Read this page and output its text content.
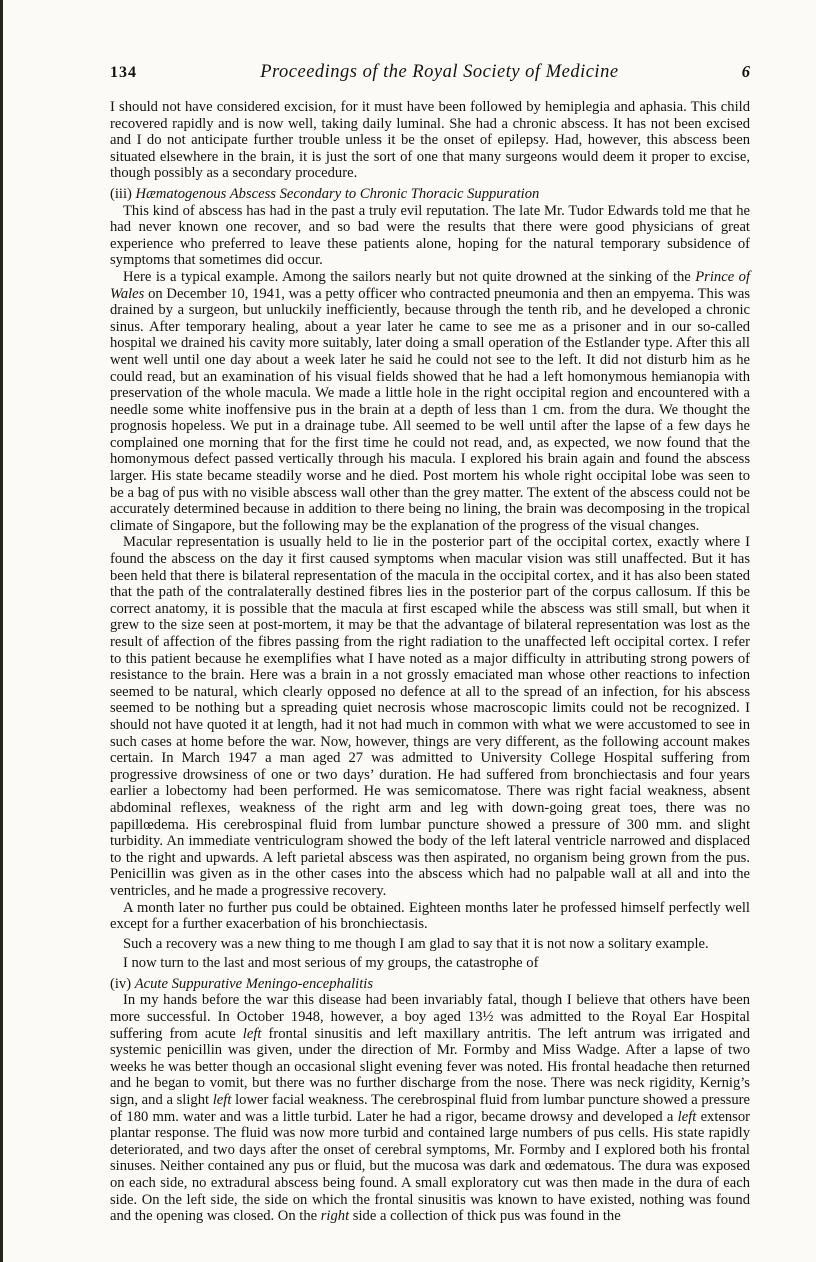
134	Proceedings of the Royal Society of Medicine	6

I should not have considered excision, for it must have been followed by hemiplegia and aphasia. This child recovered rapidly and is now well, taking daily luminal. She had a chronic abscess. It has not been excised and I do not anticipate further trouble unless it be the onset of epilepsy. Had, however, this abscess been situated elsewhere in the brain, it is just the sort of one that many surgeons would deem it proper to excise, though possibly as a secondary procedure.

(iii) Hæmatogenous Abscess Secondary to Chronic Thoracic Suppuration

This kind of abscess has had in the past a truly evil reputation. The late Mr. Tudor Edwards told me that he had never known one recover, and so bad were the results that there were good physicians of great experience who preferred to leave these patients alone, hoping for the natural temporary subsidence of symptoms that sometimes did occur.

Here is a typical example. Among the sailors nearly but not quite drowned at the sinking of the Prince of Wales on December 10, 1941, was a petty officer who contracted pneumonia and then an empyema. This was drained by a surgeon, but unluckily inefficiently, because through the tenth rib, and he developed a chronic sinus. After temporary healing, about a year later he came to see me as a prisoner and in our so-called hospital we drained his cavity more suitably, later doing a small operation of the Estlander type. After this all went well until one day about a week later he said he could not see to the left. It did not disturb him as he could read, but an examination of his visual fields showed that he had a left homonymous hemianopia with preservation of the whole macula. We made a little hole in the right occipital region and encountered with a needle some white inoffensive pus in the brain at a depth of less than 1 cm. from the dura. We thought the prognosis hopeless. We put in a drainage tube. All seemed to be well until after the lapse of a few days he complained one morning that for the first time he could not read, and, as expected, we now found that the homonymous defect passed vertically through his macula. I explored his brain again and found the abscess larger. His state became steadily worse and he died. Post mortem his whole right occipital lobe was seen to be a bag of pus with no visible abscess wall other than the grey matter. The extent of the abscess could not be accurately determined because in addition to there being no lining, the brain was decomposing in the tropical climate of Singapore, but the following may be the explanation of the progress of the visual changes.

Macular representation is usually held to lie in the posterior part of the occipital cortex, exactly where I found the abscess on the day it first caused symptoms when macular vision was still unaffected. But it has been held that there is bilateral representation of the macula in the occipital cortex, and it has also been stated that the path of the contralaterally destined fibres lies in the posterior part of the corpus callosum. If this be correct anatomy, it is possible that the macula at first escaped while the abscess was still small, but when it grew to the size seen at post-mortem, it may be that the advantage of bilateral representation was lost as the result of affection of the fibres passing from the right radiation to the unaffected left occipital cortex. I refer to this patient because he exemplifies what I have noted as a major difficulty in attributing strong powers of resistance to the brain. Here was a brain in a not grossly emaciated man whose other reactions to infection seemed to be natural, which clearly opposed no defence at all to the spread of an infection, for his abscess seemed to be nothing but a spreading quiet necrosis whose macroscopic limits could not be recognized. I should not have quoted it at length, had it not had much in common with what we were accustomed to see in such cases at home before the war. Now, however, things are very different, as the following account makes certain. In March 1947 a man aged 27 was admitted to University College Hospital suffering from progressive drowsiness of one or two days’ duration. He had suffered from bronchiectasis and four years earlier a lobectomy had been performed. He was semicomatose. There was right facial weakness, absent abdominal reflexes, weakness of the right arm and leg with down-going great toes, there was no papillœdema. His cerebrospinal fluid from lumbar puncture showed a pressure of 300 mm. and slight turbidity. An immediate ventriculogram showed the body of the left lateral ventricle narrowed and displaced to the right and upwards. A left parietal abscess was then aspirated, no organism being grown from the pus. Penicillin was given as in the other cases into the abscess which had no palpable wall at all and into the ventricles, and he made a progressive recovery.

A month later no further pus could be obtained. Eighteen months later he professed himself perfectly well except for a further exacerbation of his bronchiectasis.

Such a recovery was a new thing to me though I am glad to say that it is not now a solitary example.

I now turn to the last and most serious of my groups, the catastrophe of

(iv) Acute Suppurative Meningo-encephalitis

In my hands before the war this disease had been invariably fatal, though I believe that others have been more successful. In October 1948, however, a boy aged 13½ was admitted to the Royal Ear Hospital suffering from acute left frontal sinusitis and left maxillary antritis. The left antrum was irrigated and systemic penicillin was given, under the direction of Mr. Formby and Miss Wadge. After a lapse of two weeks he was better though an occasional slight evening fever was noted. His frontal headache then returned and he began to vomit, but there was no further discharge from the nose. There was neck rigidity, Kernig’s sign, and a slight left lower facial weakness. The cerebrospinal fluid from lumbar puncture showed a pressure of 180 mm. water and was a little turbid. Later he had a rigor, became drowsy and developed a left extensor plantar response. The fluid was now more turbid and contained large numbers of pus cells. His state rapidly deteriorated, and two days after the onset of cerebral symptoms, Mr. Formby and I explored both his frontal sinuses. Neither contained any pus or fluid, but the mucosa was dark and œdematous. The dura was exposed on each side, no extradural abscess being found. A small exploratory cut was then made in the dura of each side. On the left side, the side on which the frontal sinusitis was known to have existed, nothing was found and the opening was closed. On the right side a collection of thick pus was found in the
